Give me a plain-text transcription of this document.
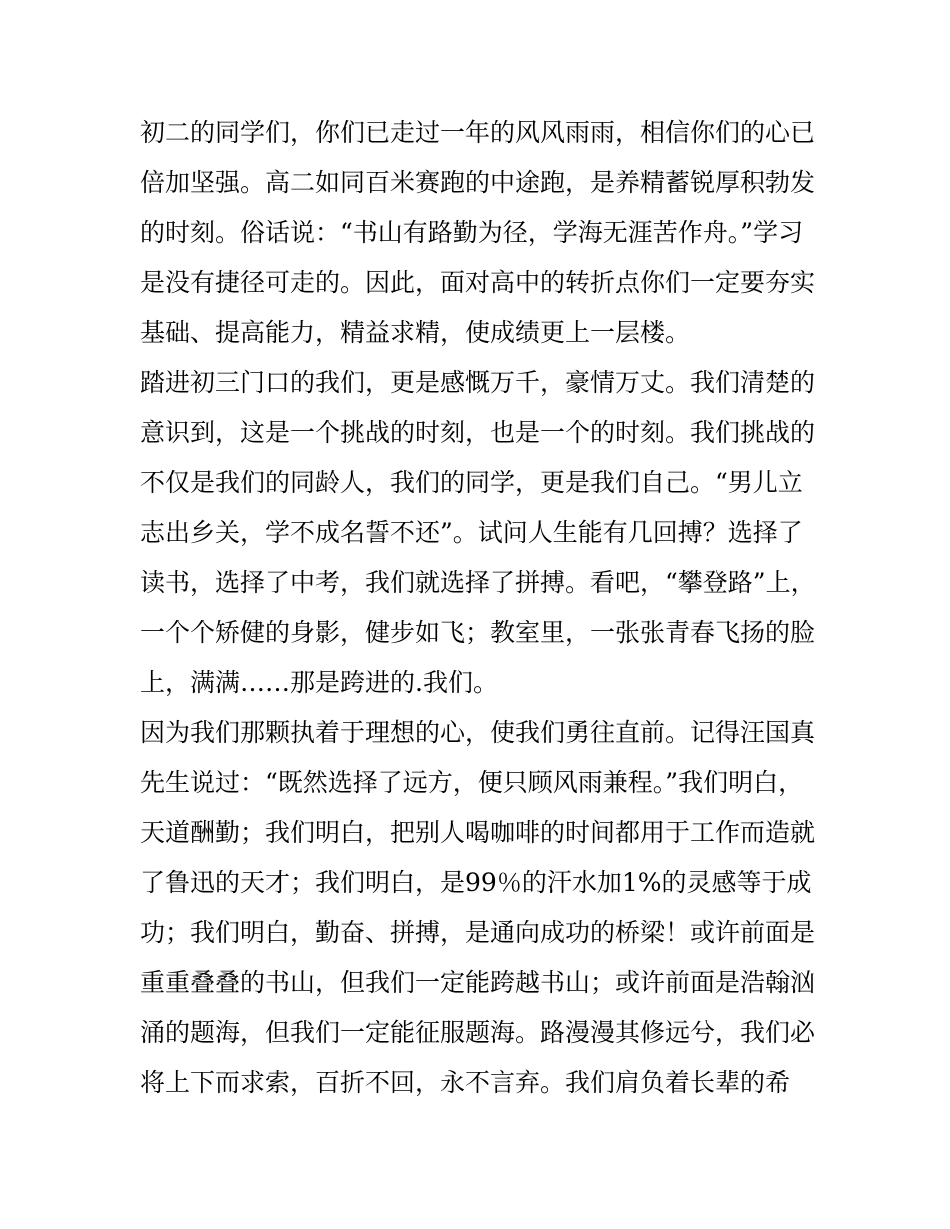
初二的同学们，你们已走过一年的风风雨雨，相信你们的心已
倍加坚强。高二如同百米赛跑的中途跑，是养精蓄锐厚积勃发
的时刻。俗话说：“书山有路勤为径，学海无涯苦作舟。”学习
是没有捷径可走的。因此，面对高中的转折点你们一定要夯实
基础、提高能力，精益求精，使成绩更上一层楼。
踏进初三门口的我们，更是感慨万千，豪情万丈。我们清楚的
意识到，这是一个挑战的时刻，也是一个的时刻。我们挑战的
不仅是我们的同龄人，我们的同学，更是我们自己。“男儿立
志出乡关，学不成名誓不还”。试问人生能有几回搏？选择了
读书，选择了中考，我们就选择了拼搏。看吧，“攀登路”上，
一个个矫健的身影，健步如飞；教室里，一张张青春飞扬的脸
上，满满……那是跨进的.我们。
因为我们那颗执着于理想的心，使我们勇往直前。记得汪国真
先生说过：“既然选择了远方，便只顾风雨兼程。”我们明白，
天道酬勤；我们明白，把别人喝咖啡的时间都用于工作而造就
了鲁迅的天才；我们明白，是99％的汗水加1%的灵感等于成
功；我们明白，勤奋、拼搏，是通向成功的桥梁！或许前面是
重重叠叠的书山，但我们一定能跨越书山；或许前面是浩翰汹
涌的题海，但我们一定能征服题海。路漫漫其修远兮，我们必
将上下而求索，百折不回，永不言弃。我们肩负着长辈的希
